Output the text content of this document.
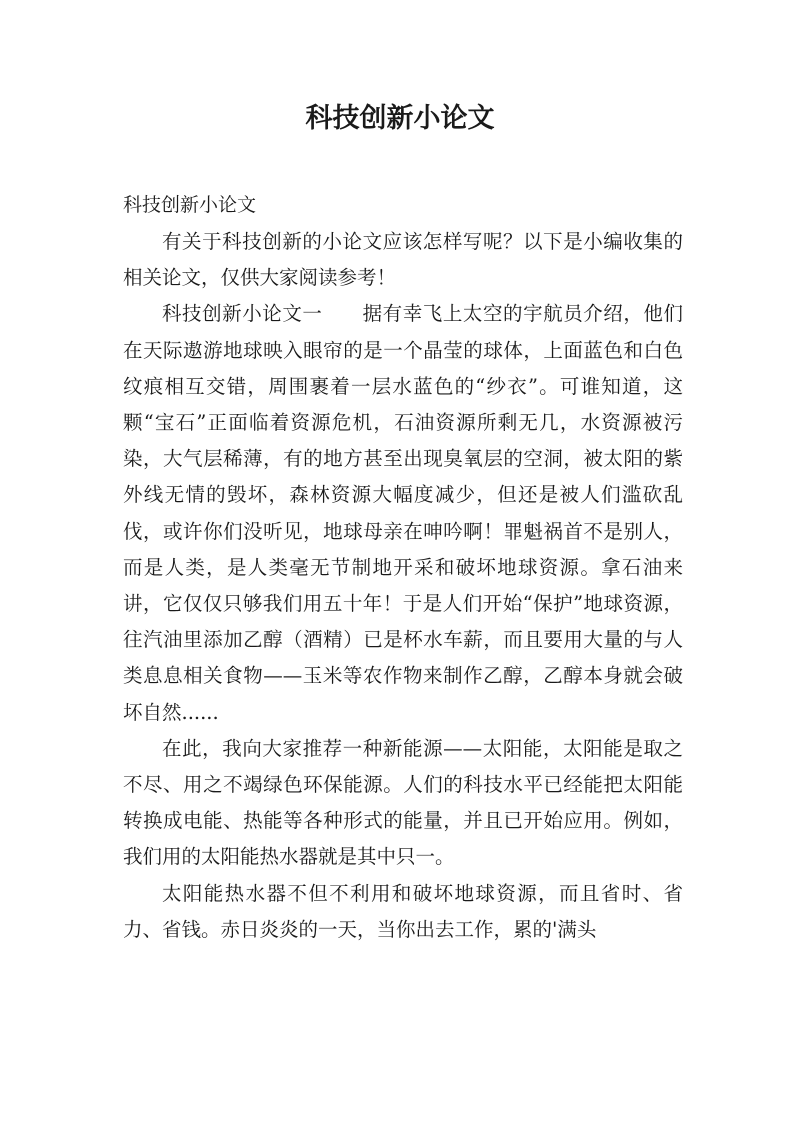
科技创新小论文

科技创新小论文

有关于科技创新的小论文应该怎样写呢？以下是小编收集的相关论文，仅供大家阅读参考！

科技创新小论文一　　据有幸飞上太空的宇航员介绍，他们在天际遨游地球映入眼帘的是一个晶莹的球体，上面蓝色和白色纹痕相互交错，周围裹着一层水蓝色的“纱衣”。可谁知道，这颗“宝石”正面临着资源危机，石油资源所剩无几，水资源被污染，大气层稀薄，有的地方甚至出现臭氧层的空洞，被太阳的紫外线无情的毁坏，森林资源大幅度减少，但还是被人们滥砍乱伐，或许你们没听见，地球母亲在呻吟啊！罪魁祸首不是别人，而是人类，是人类毫无节制地开采和破坏地球资源。拿石油来讲，它仅仅只够我们用五十年！于是人们开始“保护”地球资源，往汽油里添加乙醇（酒精）已是杯水车薪，而且要用大量的与人类息息相关食物——玉米等农作物来制作乙醇，乙醇本身就会破坏自然......

在此，我向大家推荐一种新能源——太阳能，太阳能是取之不尽、用之不竭绿色环保能源。人们的科技水平已经能把太阳能转换成电能、热能等各种形式的能量，并且已开始应用。例如，我们用的太阳能热水器就是其中只一。

太阳能热水器不但不利用和破坏地球资源，而且省时、省力、省钱。赤日炎炎的一天，当你出去工作，累的'满头
